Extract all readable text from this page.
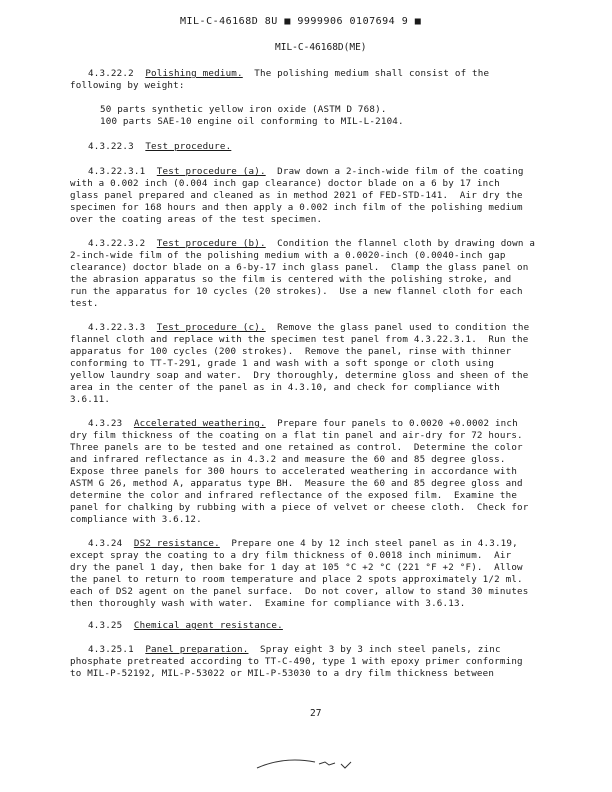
MIL-C-46168D 8U ■ 9999906 0107694 9 ■
MIL-C-46168D(ME)
4.3.22.2 Polishing medium. The polishing medium shall consist of the
following by weight:
50 parts synthetic yellow iron oxide (ASTM D 768).
100 parts SAE-10 engine oil conforming to MIL-L-2104.
4.3.22.3 Test procedure.
4.3.22.3.1 Test procedure (a). Draw down a 2-inch-wide film of the coating
with a 0.002 inch (0.004 inch gap clearance) doctor blade on a 6 by 17 inch
glass panel prepared and cleaned as in method 2021 of FED-STD-141.  Air dry the
specimen for 168 hours and then apply a 0.002 inch film of the polishing medium
over the coating areas of the test specimen.
4.3.22.3.2 Test procedure (b). Condition the flannel cloth by drawing down a
2-inch-wide film of the polishing medium with a 0.0020-inch (0.0040-inch gap
clearance) doctor blade on a 6-by-17 inch glass panel.  Clamp the glass panel on
the abrasion apparatus so the film is centered with the polishing stroke, and
run the apparatus for 10 cycles (20 strokes).  Use a new flannel cloth for each
test.
4.3.22.3.3 Test procedure (c). Remove the glass panel used to condition the
flannel cloth and replace with the specimen test panel from 4.3.22.3.1.  Run the
apparatus for 100 cycles (200 strokes).  Remove the panel, rinse with thinner
conforming to TT-T-291, grade 1 and wash with a soft sponge or cloth using
yellow laundry soap and water.  Dry thoroughly, determine gloss and sheen of the
area in the center of the panel as in 4.3.10, and check for compliance with
3.6.11.
4.3.23 Accelerated weathering. Prepare four panels to 0.0020 +0.0002 inch
dry film thickness of the coating on a flat tin panel and air-dry for 72 hours.
Three panels are to be tested and one retained as control.  Determine the color
and infrared reflectance as in 4.3.2 and measure the 60 and 85 degree gloss.
Expose three panels for 300 hours to accelerated weathering in accordance with
ASTM G 26, method A, apparatus type BH.  Measure the 60 and 85 degree gloss and
determine the color and infrared reflectance of the exposed film.  Examine the
panel for chalking by rubbing with a piece of velvet or cheese cloth.  Check for
compliance with 3.6.12.
4.3.24 DS2 resistance. Prepare one 4 by 12 inch steel panel as in 4.3.19,
except spray the coating to a dry film thickness of 0.0018 inch minimum.  Air
dry the panel 1 day, then bake for 1 day at 105 °C +2 °C (221 °F +2 °F).  Allow
the panel to return to room temperature and place 2 spots approximately 1/2 ml.
each of DS2 agent on the panel surface.  Do not cover, allow to stand 30 minutes
then thoroughly wash with water.  Examine for compliance with 3.6.13.
4.3.25 Chemical agent resistance.
4.3.25.1 Panel preparation. Spray eight 3 by 3 inch steel panels, zinc
phosphate pretreated according to TT-C-490, type 1 with epoxy primer conforming
to MIL-P-52192, MIL-P-53022 or MIL-P-53030 to a dry film thickness between
27
